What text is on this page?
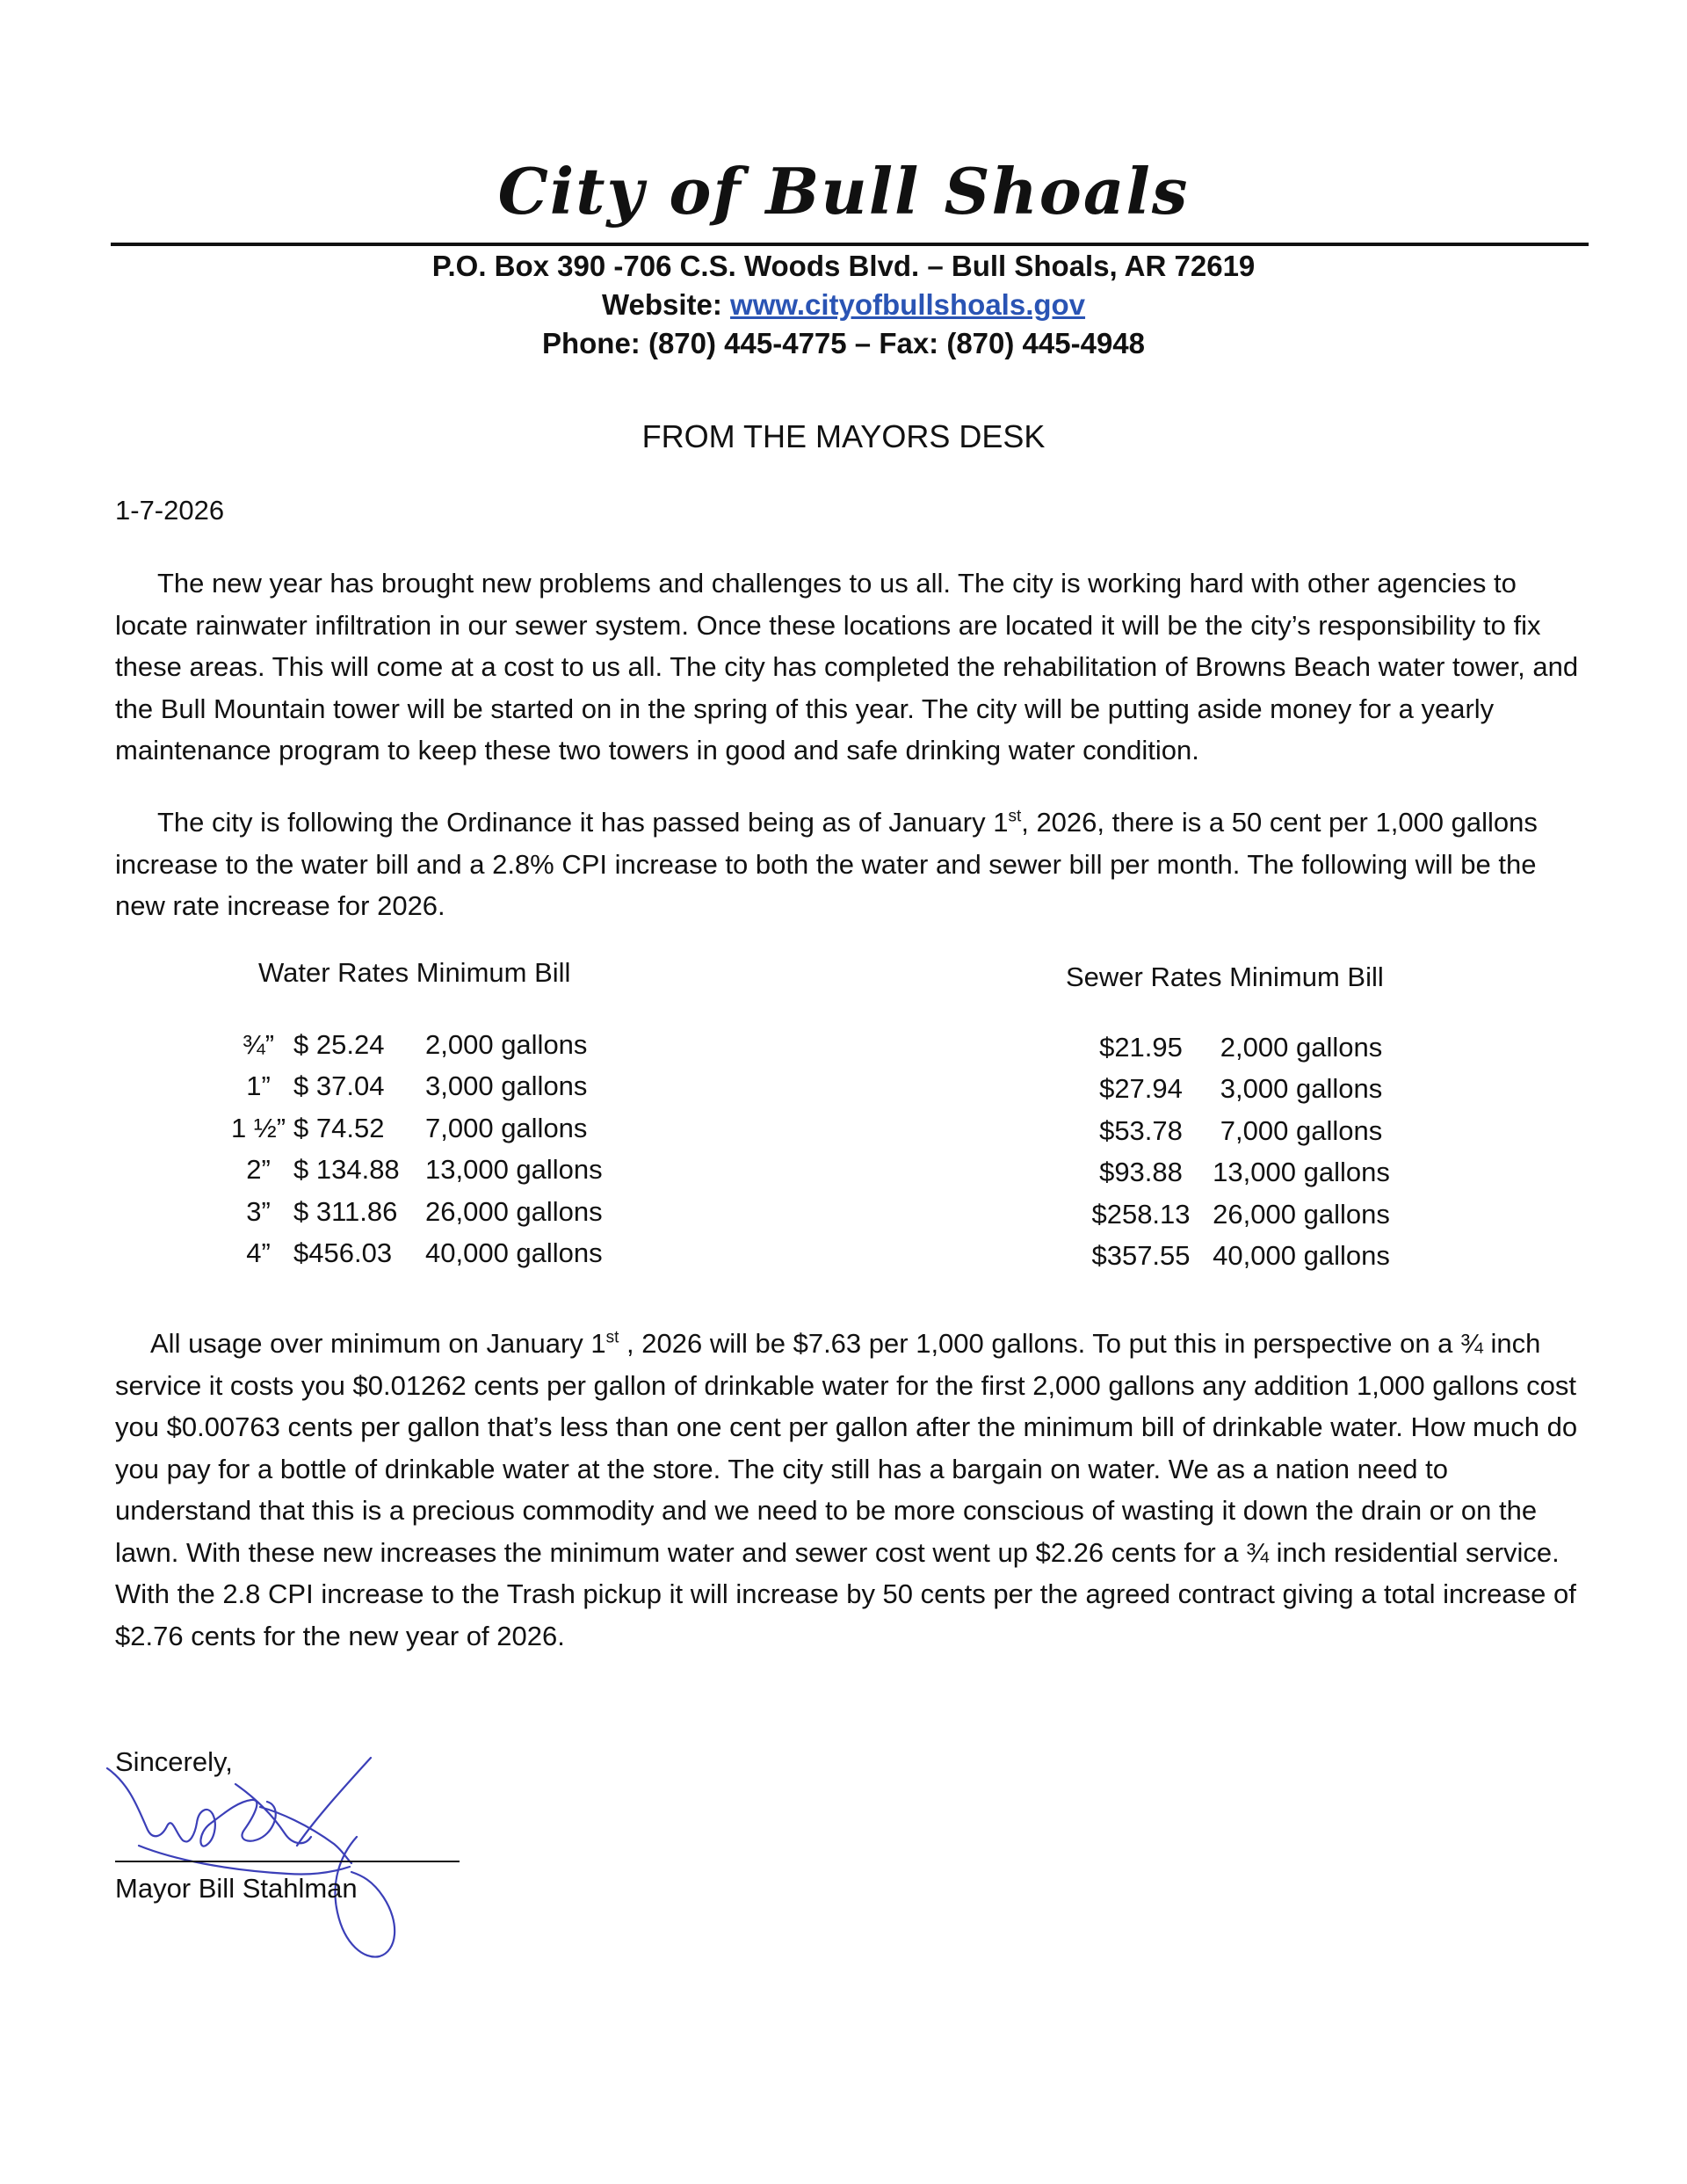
City of Bull Shoals
P.O. Box 390 -706 C.S. Woods Blvd. – Bull Shoals, AR 72619
Website: www.cityofbullshoals.gov
Phone: (870) 445-4775 – Fax: (870) 445-4948
FROM THE MAYORS DESK
1-7-2026

The new year has brought new problems and challenges to us all. The city is working hard with other agencies to locate rainwater infiltration in our sewer system. Once these locations are located it will be the city’s responsibility to fix these areas. This will come at a cost to us all. The city has completed the rehabilitation of Browns Beach water tower, and the Bull Mountain tower will be started on in the spring of this year. The city will be putting aside money for a yearly maintenance program to keep these two towers in good and safe drinking water condition.

The city is following the Ordinance it has passed being as of January 1st, 2026, there is a 50 cent per 1,000 gallons increase to the water bill and a 2.8% CPI increase to both the water and sewer bill per month. The following will be the new rate increase for 2026.

Water Rates Minimum Bill
¾”	$ 25.24	2,000 gallons
1”	$ 37.04	3,000 gallons
1 ½”	$ 74.52	7,000 gallons
2”	$ 134.88	13,000 gallons
3”	$ 311.86	26,000 gallons
4”	$456.03	40,000 gallons
Sewer Rates Minimum Bill
$21.95	2,000 gallons
$27.94	3,000 gallons
$53.78	7,000 gallons
$93.88	13,000 gallons
$258.13	26,000 gallons
$357.55	40,000 gallons

All usage over minimum on January 1st , 2026 will be $7.63 per 1,000 gallons. To put this in perspective on a ¾ inch service it costs you $0.01262 cents per gallon of drinkable water for the first 2,000 gallons any addition 1,000 gallons cost you $0.00763 cents per gallon that’s less than one cent per gallon after the minimum bill of drinkable water. How much do you pay for a bottle of drinkable water at the store. The city still has a bargain on water. We as a nation need to understand that this is a precious commodity and we need to be more conscious of wasting it down the drain or on the lawn. With these new increases the minimum water and sewer cost went up $2.26 cents for a ¾ inch residential service. With the 2.8 CPI increase to the Trash pickup it will increase by 50 cents per the agreed contract giving a total increase of $2.76 cents for the new year of 2026.

Sincerely,
Mayor Bill Stahlman
